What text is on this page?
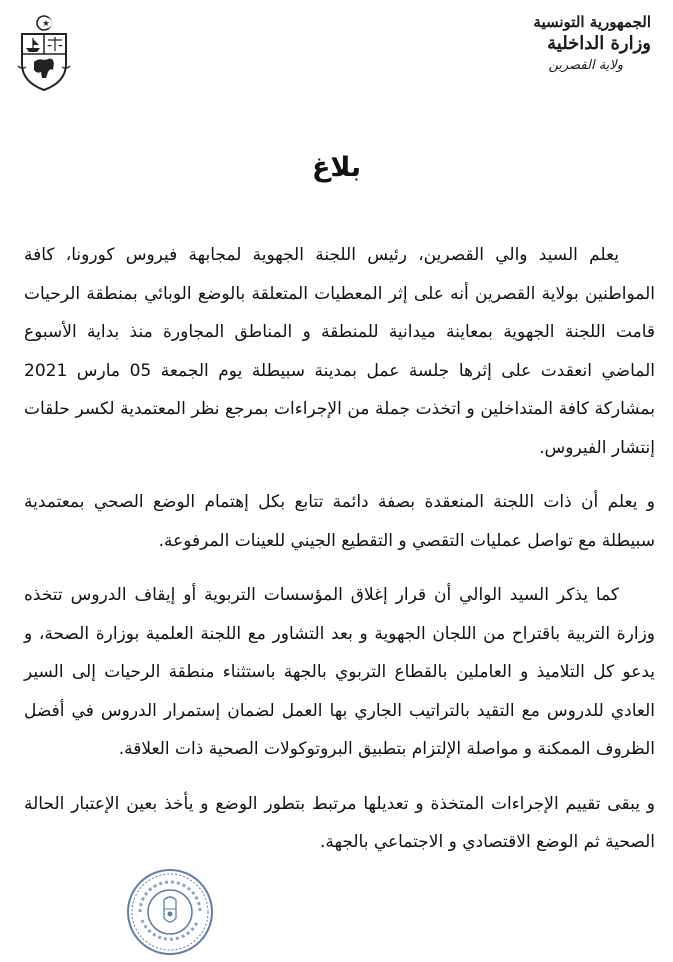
الجمهورية التونسية
وزارة الداخلية
ولاية القصرين
بلاغ

يعلم السيد والي القصرين، رئيس اللجنة الجهوية لمجابهة فيروس كورونا، كافة المواطنين بولاية القصرين أنه على إثر المعطيات المتعلقة بالوضع الوبائي بمنطقة الرحيات قامت اللجنة الجهوية بمعاينة ميدانية للمنطقة و المناطق المجاورة منذ بداية الأسبوع الماضي انعقدت على إثرها جلسة عمل بمدينة سبيطلة يوم الجمعة 05 مارس 2021 بمشاركة كافة المتداخلين و اتخذت جملة من الإجراءات بمرجع نظر المعتمدية لكسر حلقات إنتشار الفيروس.

و يعلم أن ذات اللجنة المنعقدة بصفة دائمة تتابع بكل إهتمام الوضع الصحي بمعتمدية سبيطلة مع تواصل عمليات التقصي و التقطيع الجيني للعينات المرفوعة.

كما يذكر السيد الوالي أن قرار إغلاق المؤسسات التربوية أو إيقاف الدروس تتخذه وزارة التربية باقتراح من اللجان الجهوية و بعد التشاور مع اللجنة العلمية بوزارة الصحة، و يدعو كل التلاميذ و العاملين بالقطاع التربوي بالجهة باستثناء منطقة الرحيات إلى السير العادي للدروس مع التقيد بالتراتيب الجاري بها العمل لضمان إستمرار الدروس في أفضل الظروف الممكنة و مواصلة الإلتزام بتطبيق البروتوكولات الصحية ذات العلاقة.

و يبقى تقييم الإجراءات المتخذة و تعديلها مرتبط بتطور الوضع و يأخذ بعين الإعتبار الحالة الصحية ثم الوضع الاقتصادي و الاجتماعي بالجهة.
